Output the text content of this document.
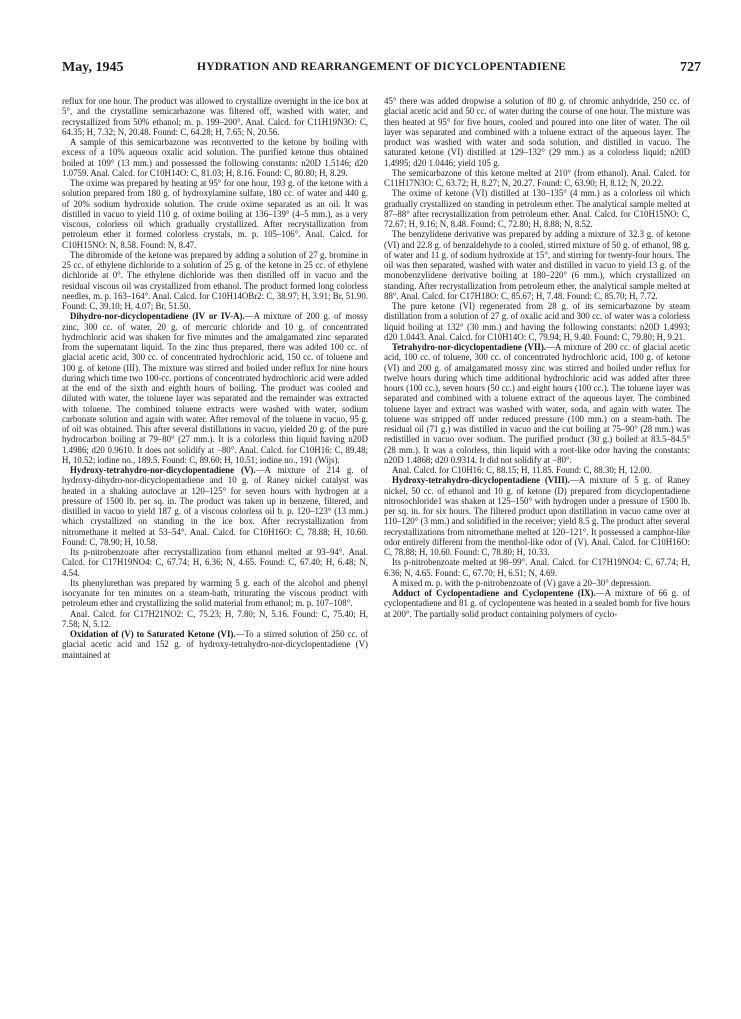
May, 1945	HYDRATION AND REARRANGEMENT OF DICYCLOPENTADIENE	727

reflux for one hour. The product was allowed to crystallize overnight in the ice box at 5°, and the crystalline semicarbazone was filtered off, washed with water, and recrystallized from 50% ethanol; m. p. 199–200°. Anal. Calcd. for C11H19N3O: C, 64.35; H, 7.32; N, 20.48. Found: C, 64.28; H, 7.65; N, 20.56.

A sample of this semicarbazone was reconverted to the ketone by boiling with excess of a 10% aqueous oxalic acid solution. The purified ketone thus obtained boiled at 109° (13 mm.) and possessed the following constants: n20D 1.5146; d20 1.0759. Anal. Calcd. for C10H14O: C, 81.03; H, 8.16. Found: C, 80.80; H, 8.29.

The oxime was prepared by heating at 95° for one hour, 193 g. of the ketone with a solution prepared from 180 g. of hydroxylamine sulfate, 180 cc. of water and 440 g. of 20% sodium hydroxide solution. The crude oxime separated as an oil. It was distilled in vacuo to yield 110 g. of oxime boiling at 136–139° (4–5 mm.), as a very viscous, colorless oil which gradually crystallized. After recrystallization from petroleum ether it formed colorless crystals, m. p. 105–106°. Anal. Calcd. for C10H15NO: N, 8.58. Found: N, 8.47.

The dibromide of the ketone was prepared by adding a solution of 27 g. bromine in 25 cc. of ethylene dichloride to a solution of 25 g. of the ketone in 25 cc. of ethylene dichloride at 0°. The ethylene dichloride was then distilled off in vacuo and the residual viscous oil was crystallized from ethanol. The product formed long colorless needles, m. p. 163–164°. Anal. Calcd. for C10H14OBr2: C, 38.97; H, 3.91; Br, 51.90. Found: C, 39.10; H, 4.07; Br, 51.50.

Dihydro-nor-dicyclopentadiene (IV or IV-A).—A mixture of 200 g. of mossy zinc, 300 cc. of water, 20 g. of mercuric chloride and 10 g. of concentrated hydrochloric acid was shaken for five minutes and the amalgamated zinc separated from the supernatant liquid. To the zinc thus prepared, there was added 100 cc. of glacial acetic acid, 300 cc. of concentrated hydrochloric acid, 150 cc. of toluene and 100 g. of ketone (III). The mixture was stirred and boiled under reflux for nine hours during which time two 100-cc. portions of concentrated hydrochloric acid were added at the end of the sixth and eighth hours of boiling. The product was cooled and diluted with water, the toluene layer was separated and the remainder was extracted with toluene. The combined toluene extracts were washed with water, sodium carbonate solution and again with water. After removal of the toluene in vacuo, 95 g. of oil was obtained. This after several distillations in vacuo, yielded 20 g. of the pure hydrocarbon boiling at 79–80° (27 mm.). It is a colorless thin liquid having n20D 1.4986; d20 0.9610. It does not solidify at −80°. Anal. Calcd. for C10H16: C, 89.48; H, 10.52; iodine no., 189.5. Found: C, 89.60; H, 10.51; iodine no., 191 (Wijs).

Hydroxy-tetrahydro-nor-dicyclopentadiene (V).—A mixture of 214 g. of hydroxy-dihydro-nor-dicyclopentadiene and 10 g. of Raney nickel catalyst was heated in a shaking autoclave at 120–125° for seven hours with hydrogen at a pressure of 1500 lb. per sq. in. The product was taken up in benzene, filtered, and distilled in vacuo to yield 187 g. of a viscous colorless oil b. p. 120–123° (13 mm.) which crystallized on standing in the ice box. After recrystallization from nitromethane it melted at 53–54°. Anal. Calcd. for C10H16O: C, 78.88; H, 10.60. Found: C, 78.90; H, 10.58.

Its p-nitrobenzoate after recrystallization from ethanol melted at 93–94°. Anal. Calcd. for C17H19NO4: C, 67.74; H, 6.36; N, 4.65. Found: C, 67.40; H, 6.48; N, 4.54.

Its phenylurethan was prepared by warming 5 g. each of the alcohol and phenyl isocyanate for ten minutes on a steam-bath, triturating the viscous product with petroleum ether and crystallizing the solid material from ethanol; m. p. 107–108°.

Anal. Calcd. for C17H21NO2: C, 75.23; H, 7.80; N, 5.16. Found: C, 75.40; H, 7.58; N, 5.12.

Oxidation of (V) to Saturated Ketone (VI).—To a stirred solution of 250 cc. of glacial acetic acid and 152 g. of hydroxy-tetrahydro-nor-dicyclopentadiene (V) maintained at

45° there was added dropwise a solution of 80 g. of chromic anhydride, 250 cc. of glacial acetic acid and 50 cc. of water during the course of one hour. The mixture was then heated at 95° for five hours, cooled and poured into one liter of water. The oil layer was separated and combined with a toluene extract of the aqueous layer. The product was washed with water and soda solution, and distilled in vacuo. The saturated ketone (VI) distilled at 129–132° (29 mm.) as a colorless liquid; n20D 1.4995; d20 1.0446; yield 105 g.

The semicarbazone of this ketone melted at 210° (from ethanol). Anal. Calcd. for C11H17N3O: C, 63.72; H, 8.27; N, 20.27. Found: C, 63.90; H, 8.12; N, 20.22.

The oxime of ketone (VI) distilled at 130–135° (4 mm.) as a colorless oil which gradually crystallized on standing in petroleum ether. The analytical sample melted at 87–88° after recrystallization from petroleum ether. Anal. Calcd. for C10H15NO: C, 72.67; H, 9.16; N, 8.48. Found: C, 72.80; H, 8.88; N, 8.52.

The benzylidene derivative was prepared by adding a mixture of 32.3 g. of ketone (VI) and 22.8 g. of benzaldehyde to a cooled, stirred mixture of 50 g. of ethanol, 98 g. of water and 11 g. of sodium hydroxide at 15°, and stirring for twenty-four hours. The oil was then separated, washed with water and distilled in vacuo to yield 13 g. of the monobenzylidene derivative boiling at 180–220° (6 mm.), which crystallized on standing. After recrystallization from petroleum ether, the analytical sample melted at 88°. Anal. Calcd. for C17H18O: C, 85.67; H, 7.48. Found: C, 85.70; H, 7.72.

The pure ketone (VI) regenerated from 28 g. of its semicarbazone by steam distillation from a solution of 27 g. of oxalic acid and 300 cc. of water was a colorless liquid boiling at 132° (30 mm.) and having the following constants: n20D 1.4993; d20 1.0443. Anal. Calcd. for C10H14O: C, 79.94; H, 9.40. Found: C, 79.80; H, 9.21.

Tetrahydro-nor-dicyclopentadiene (VII).—A mixture of 200 cc. of glacial acetic acid, 100 cc. of toluene, 300 cc. of concentrated hydrochloric acid, 100 g. of ketone (VI) and 200 g. of amalgamated mossy zinc was stirred and boiled under reflux for twelve hours during which time additional hydrochloric acid was added after three hours (100 cc.), seven hours (50 cc.) and eight hours (100 cc.). The toluene layer was separated and combined with a toluene extract of the aqueous layer. The combined toluene layer and extract was washed with water, soda, and again with water. The toluene was stripped off under reduced pressure (100 mm.) on a steam-bath. The residual oil (71 g.) was distilled in vacuo and the cut boiling at 75–90° (28 mm.) was redistilled in vacuo over sodium. The purified product (30 g.) boiled at 83.5–84.5° (28 mm.). It was a colorless, thin liquid with a root-like odor having the constants: n20D 1.4868; d20 0.9314. It did not solidify at −80°.

Anal. Calcd. for C10H16: C, 88.15; H, 11.85. Found: C, 88.30; H, 12.00.

Hydroxy-tetrahydro-dicyclopentadiene (VIII).—A mixture of 5 g. of Raney nickel, 50 cc. of ethanol and 10 g. of ketone (D) prepared from dicyclopentadiene nitrosochloride1 was shaken at 125–150° with hydrogen under a pressure of 1500 lb. per sq. in. for six hours. The filtered product upon distillation in vacuo came over at 110–120° (3 mm.) and solidified in the receiver; yield 8.5 g. The product after several recrystallizations from nitromethane melted at 120–121°. It possessed a camphor-like odor entirely different from the menthol-like odor of (V). Anal. Calcd. for C10H16O: C, 78.88; H, 10.60. Found: C, 78.80; H, 10.33.

Its p-nitrobenzoate melted at 98–99°. Anal. Calcd. for C17H19NO4: C, 67.74; H, 6.36; N, 4.65. Found: C, 67.70; H, 6.51; N, 4.69.

A mixed m. p. with the p-nitrobenzoate of (V) gave a 20–30° depression.

Adduct of Cyclopentadiene and Cyclopentene (IX).—A mixture of 66 g. of cyclopentadiene and 81 g. of cyclopentene was heated in a sealed bomb for five hours at 200°. The partially solid product containing polymers of cyclo-
